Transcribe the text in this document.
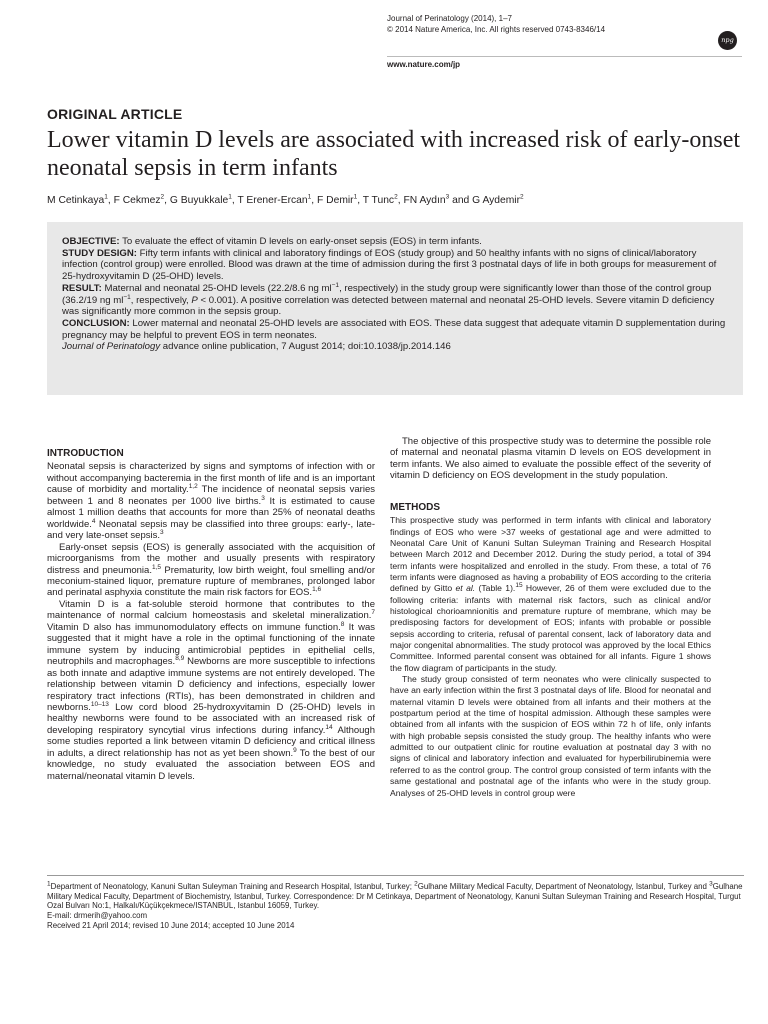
Journal of Perinatology (2014), 1–7
© 2014 Nature America, Inc. All rights reserved 0743-8346/14
npg
www.nature.com/jp
ORIGINAL ARTICLE
Lower vitamin D levels are associated with increased risk of early-onset neonatal sepsis in term infants
M Cetinkaya$^1$, F Cekmez$^2$, G Buyukkale$^1$, T Erener-Ercan$^1$, F Demir$^1$, T Tunc$^2$, FN Aydın$^3$ and G Aydemir$^2$

OBJECTIVE: To evaluate the effect of vitamin D levels on early-onset sepsis (EOS) in term infants.

STUDY DESIGN: Fifty term infants with clinical and laboratory findings of EOS (study group) and 50 healthy infants with no signs of clinical/laboratory infection (control group) were enrolled. Blood was drawn at the time of admission during the first 3 postnatal days of life in both groups for measurement of 25-hydroxyvitamin D (25-OHD) levels.

RESULT: Maternal and neonatal 25-OHD levels (22.2/8.6 ng $ml^{-1}$, respectively) in the study group were significantly lower than those of the control group (36.2/19 ng $ml^{-1}$, respectively, P < 0.001). A positive correlation was detected between maternal and neonatal 25-OHD levels. Severe vitamin D deficiency was significantly more common in the sepsis group.

CONCLUSION: Lower maternal and neonatal 25-OHD levels are associated with EOS. These data suggest that adequate vitamin D supplementation during pregnancy may be helpful to prevent EOS in term neonates.

Journal of Perinatology advance online publication, 7 August 2014; doi:10.1038/jp.2014.146

INTRODUCTION

Neonatal sepsis is characterized by signs and symptoms of infection with or without accompanying bacteremia in the first month of life and is an important cause of morbidity and mortality.$^{1,2}$ The incidence of neonatal sepsis varies between 1 and 8 neonates per 1000 live births.$^3$ It is estimated to cause almost 1 million deaths that accounts for more than 25% of neonatal deaths worldwide.$^4$ Neonatal sepsis may be classified into three groups: early-, late- and very late-onset sepsis.$^3$

Early-onset sepsis (EOS) is generally associated with the acquisition of microorganisms from the mother and usually presents with respiratory distress and pneumonia.$^{1,5}$ Prematurity, low birth weight, foul smelling and/or meconium-stained liquor, premature rupture of membranes, prolonged labor and perinatal asphyxia constitute the main risk factors for EOS.$^{1,6}$

Vitamin D is a fat-soluble steroid hormone that contributes to the maintenance of normal calcium homeostasis and skeletal mineralization.$^7$ Vitamin D also has immunomodulatory effects on immune function.$^8$ It was suggested that it might have a role in the optimal functioning of the innate immune system by inducing antimicrobial peptides in epithelial cells, neutrophils and macrophages.$^{8,9}$ Newborns are more susceptible to infections as both innate and adaptive immune systems are not entirely developed. The relationship between vitamin D deficiency and infections, especially lower respiratory tract infections (RTIs), has been demonstrated in children and newborns.$^{10-13}$ Low cord blood 25-hydroxyvitamin D (25-OHD) levels in healthy newborns were found to be associated with an increased risk of developing respiratory syncytial virus infections during infancy.$^{14}$ Although some studies reported a link between vitamin D deficiency and critical illness in adults, a direct relationship has not as yet been shown.$^9$ To the best of our knowledge, no study evaluated the association between EOS and maternal/neonatal vitamin D levels.

The objective of this prospective study was to determine the possible role of maternal and neonatal plasma vitamin D levels on EOS development in term infants. We also aimed to evaluate the possible effect of the severity of vitamin D deficiency on EOS development in the study population.

METHODS

This prospective study was performed in term infants with clinical and laboratory findings of EOS who were >37 weeks of gestational age and were admitted to Neonatal Care Unit of Kanuni Sultan Suleyman Training and Research Hospital between March 2012 and December 2012. During the study period, a total of 394 term infants were hospitalized and enrolled in the study. From these, a total of 76 term infants were diagnosed as having a probability of EOS according to the criteria defined by Gitto et al. (Table 1).$^{15}$ However, 26 of them were excluded due to the following criteria: infants with maternal risk factors, such as clinical and/or histological chorioamnionitis and premature rupture of membrane, which may be predisposing factors for development of EOS; infants with probable or possible sepsis according to criteria, refusal of parental consent, lack of laboratory data and major congenital abnormalities. The study protocol was approved by the local Ethics Committee. Informed parental consent was obtained for all infants. Figure 1 shows the flow diagram of participants in the study.

The study group consisted of term neonates who were clinically suspected to have an early infection within the first 3 postnatal days of life. Blood for neonatal and maternal vitamin D levels were obtained from all infants and their mothers at the postpartum period at the time of hospital admission. Although these samples were obtained from all infants with the suspicion of EOS within 72 h of life, only infants with high probable sepsis consisted the study group. The healthy infants who were admitted to our outpatient clinic for routine evaluation at postnatal day 3 with no signs of clinical and laboratory infection and evaluated for hyperbilirubinemia were referred to as the control group. The control group consisted of term infants with the same gestational and postnatal age of the infants who were in the study group. Analyses of 25-OHD levels in control group were

$^1$Department of Neonatology, Kanuni Sultan Suleyman Training and Research Hospital, Istanbul, Turkey; $^2$Gulhane Military Medical Faculty, Department of Neonatology, Istanbul, Turkey and $^3$Gulhane Military Medical Faculty, Department of Biochemistry, Istanbul, Turkey. Correspondence: Dr M Cetinkaya, Department of Neonatology, Kanuni Sultan Suleyman Training and Research Hospital, Turgut Ozal Bulvarı No:1, Halkalı/Küçükçekmece/ISTANBUL, Istanbul 16059, Turkey.

E-mail: drmerih@yahoo.com

Received 21 April 2014; revised 10 June 2014; accepted 10 June 2014
